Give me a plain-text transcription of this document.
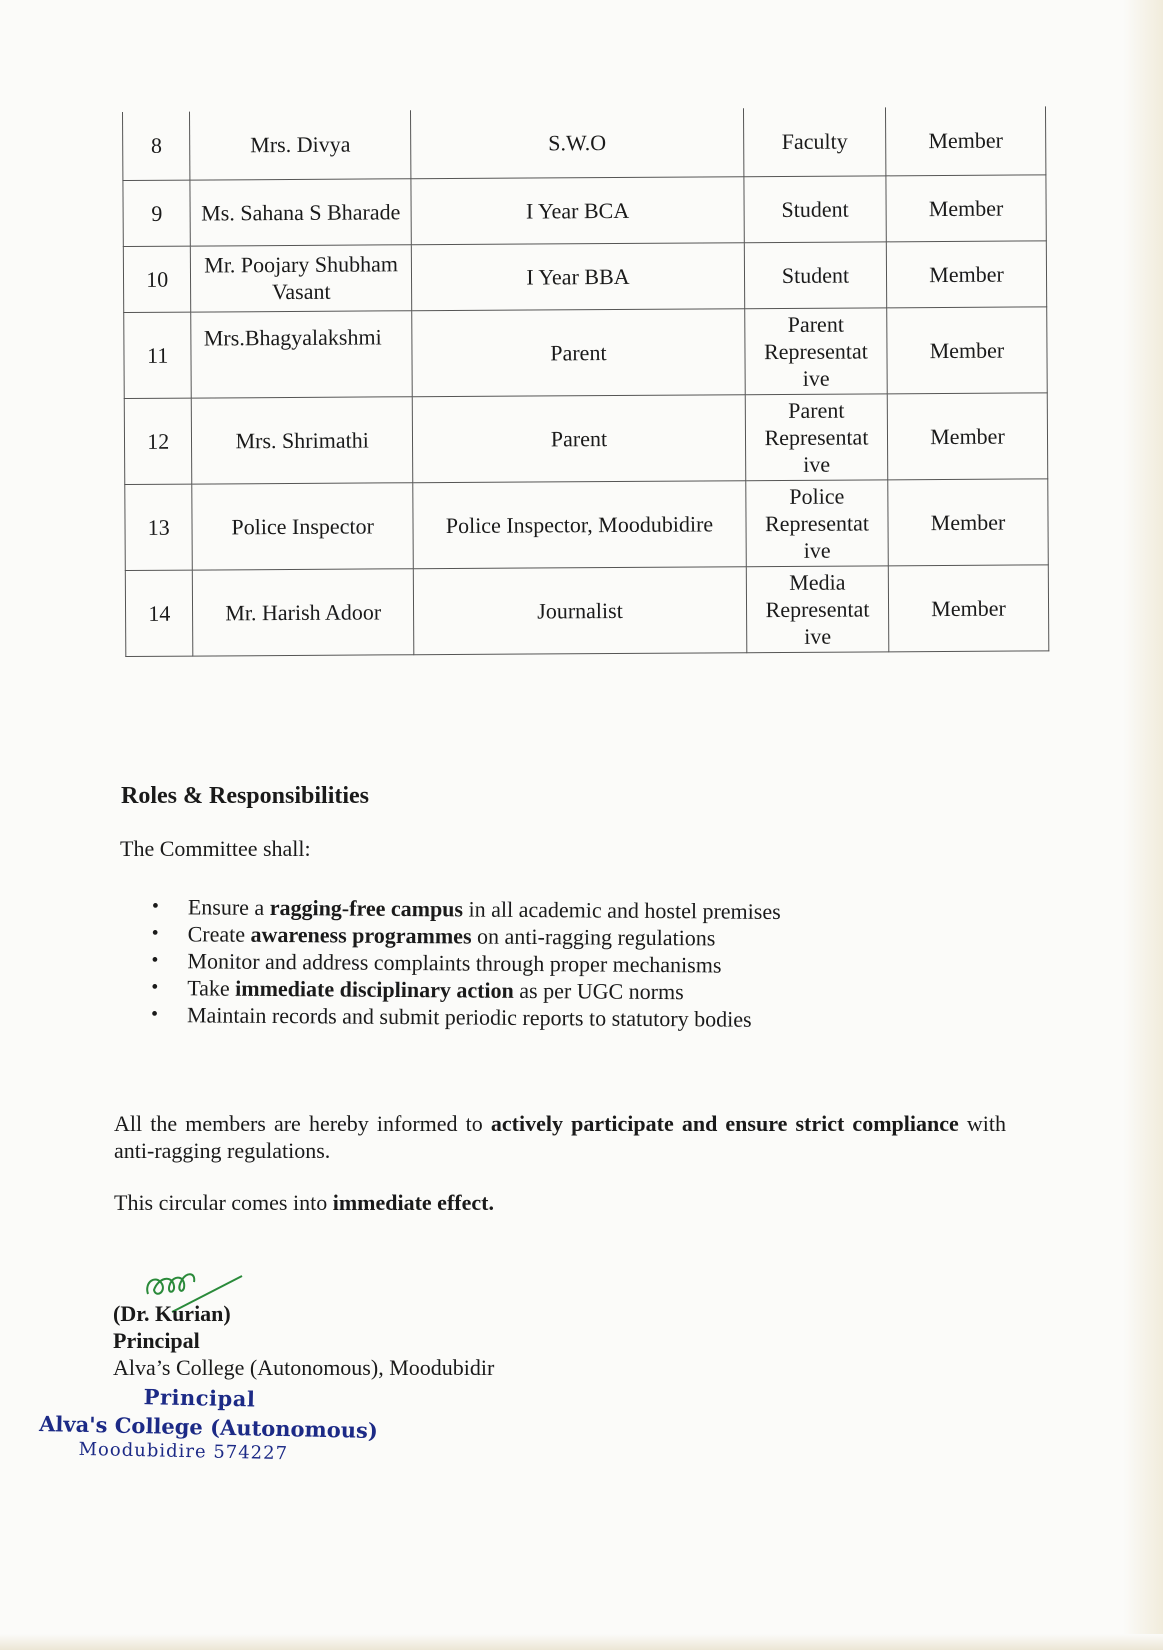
8	Mrs. Divya	S.W.O	Faculty	Member
9	Ms. Sahana S Bharade	I Year BCA	Student	Member
10	Mr. Poojary Shubham Vasant	I Year BBA	Student	Member
11	Mrs.Bhagyalakshmi	Parent	Parent Representat ive	Member
12	Mrs. Shrimathi	Parent	Parent Representat ive	Member
13	Police Inspector	Police Inspector, Moodubidire	Police Representat ive	Member
14	Mr. Harish Adoor	Journalist	Media Representat ive	Member
Roles & Responsibilities

The Committee shall:

• Ensure a ragging-free campus in all academic and hostel premises
• Create awareness programmes on anti-ragging regulations
• Monitor and address complaints through proper mechanisms
• Take immediate disciplinary action as per UGC norms
• Maintain records and submit periodic reports to statutory bodies

All the members are hereby informed to actively participate and ensure strict compliance with anti-ragging regulations.

This circular comes into immediate effect.

(Dr. Kurian)
Principal
Alva’s College (Autonomous), Moodubidir
Principal
Alva's College (Autonomous)
Moodubidire 574227
